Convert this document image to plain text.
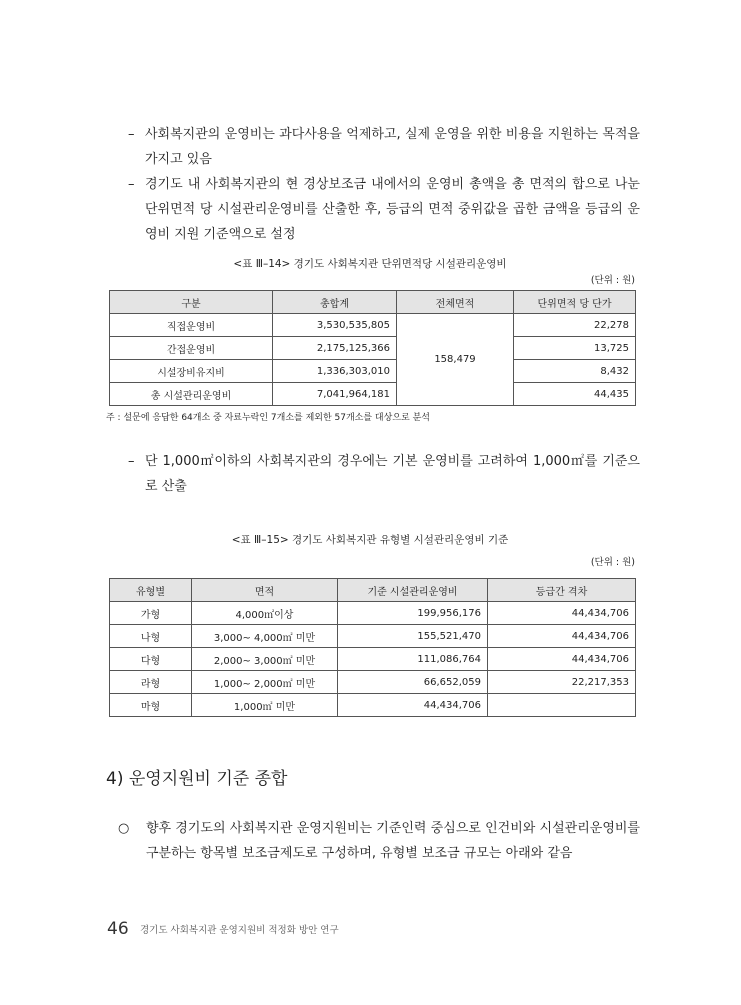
– 사회복지관의 운영비는 과다사용을 억제하고, 실제 운영을 위한 비용을 지원하는 목적을 가지고 있음
– 경기도 내 사회복지관의 현 경상보조금 내에서의 운영비 총액을 총 면적의 합으로 나눈 단위면적 당 시설관리운영비를 산출한 후, 등급의 면적 중위값을 곱한 금액을 등급의 운영비 지원 기준액으로 설정
<표 Ⅲ–14> 경기도 사회복지관 단위면적당 시설관리운영비
(단위 : 원)
구분	총합계	전체면적	단위면적 당 단가
직접운영비	3,530,535,805	158,479	22,278
간접운영비	2,175,125,366		13,725
시설장비유지비	1,336,303,010		8,432
총 시설관리운영비	7,041,964,181		44,435
주 : 설문에 응답한 64개소 중 자료누락인 7개소를 제외한 57개소를 대상으로 분석
– 단 1,000㎡이하의 사회복지관의 경우에는 기본 운영비를 고려하여 1,000㎡를 기준으로 산출
<표 Ⅲ–15> 경기도 사회복지관 유형별 시설관리운영비 기준
(단위 : 원)
유형별	면적	기준 시설관리운영비	등급간 격차
가형	4,000㎡이상	199,956,176	44,434,706
나형	3,000~ 4,000㎡ 미만	155,521,470	44,434,706
다형	2,000~ 3,000㎡ 미만	111,086,764	44,434,706
라형	1,000~ 2,000㎡ 미만	66,652,059	22,217,353
마형	1,000㎡ 미만	44,434,706	
4) 운영지원비 기준 종합
○ 향후 경기도의 사회복지관 운영지원비는 기준인력 중심으로 인건비와 시설관리운영비를 구분하는 항목별 보조금제도로 구성하며, 유형별 보조금 규모는 아래와 같음
46 경기도 사회복지관 운영지원비 적정화 방안 연구
